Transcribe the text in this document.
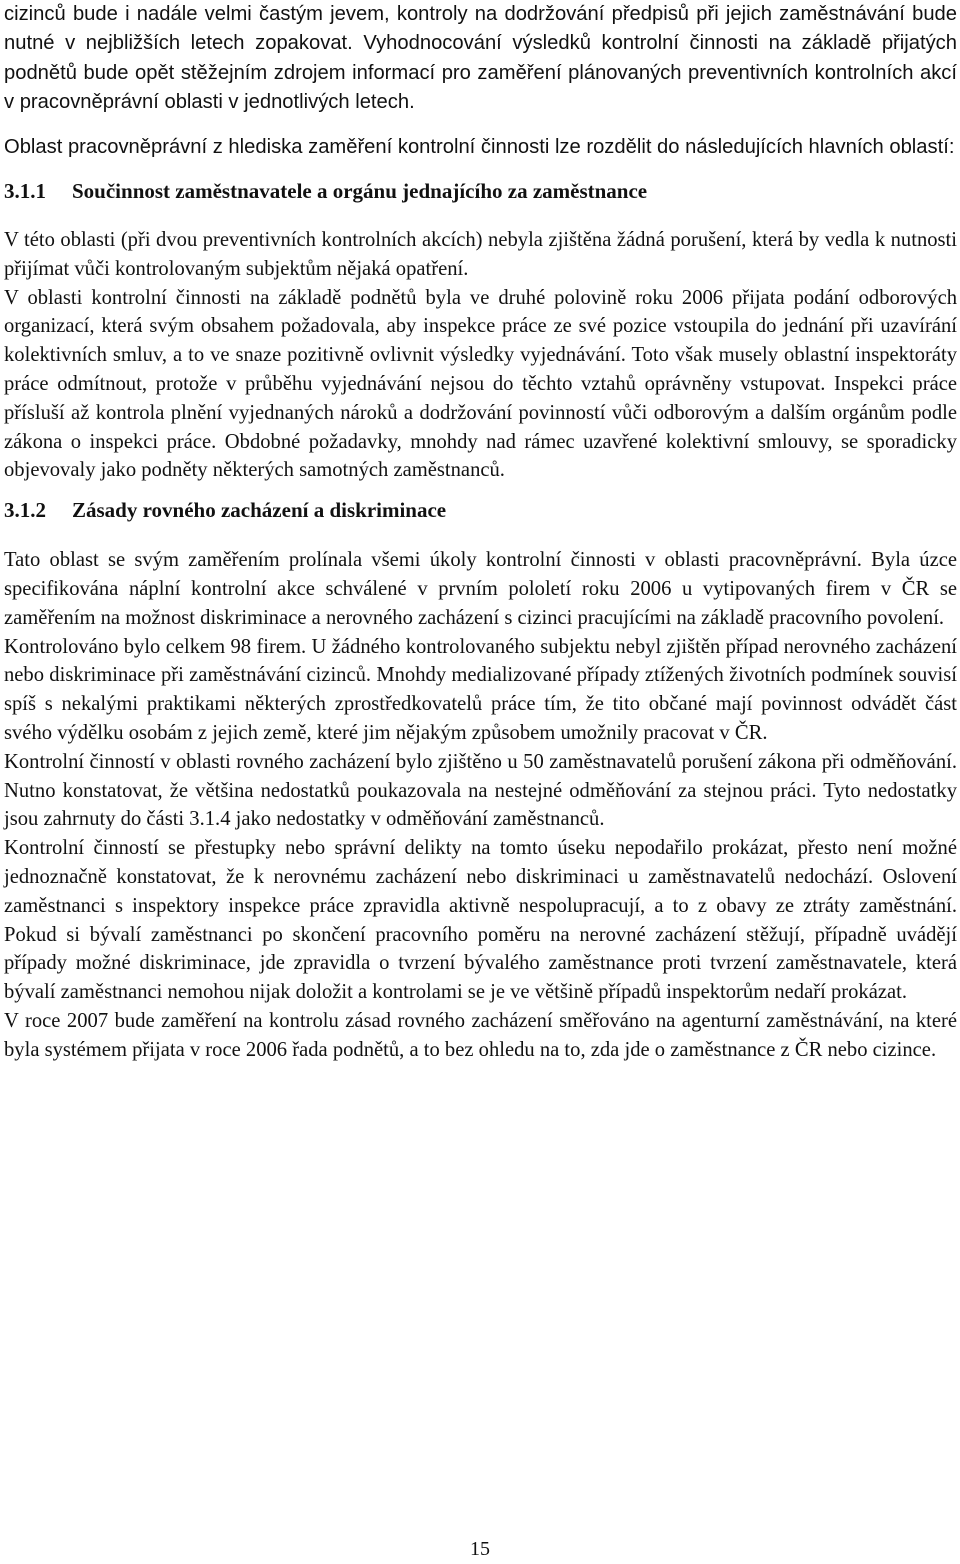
cizinců bude i nadále velmi častým jevem, kontroly na dodržování předpisů při jejich zaměstnávání bude nutné v nejbližších letech zopakovat. Vyhodnocování výsledků kontrolní činnosti na základě přijatých podnětů bude opět stěžejním zdrojem informací pro zaměření plánovaných preventivních kontrolních akcí v pracovněprávní oblasti v jednotlivých letech.

Oblast pracovněprávní z hlediska zaměření kontrolní činnosti lze rozdělit do následujících hlavních oblastí:

3.1.1 Součinnost zaměstnavatele a orgánu jednajícího za zaměstnance

V této oblasti (při dvou preventivních kontrolních akcích) nebyla zjištěna žádná porušení, která by vedla k nutnosti přijímat vůči kontrolovaným subjektům nějaká opatření.

V oblasti kontrolní činnosti na základě podnětů byla ve druhé polovině roku 2006 přijata podání odborových organizací, která svým obsahem požadovala, aby inspekce práce ze své pozice vstoupila do jednání při uzavírání kolektivních smluv, a to ve snaze pozitivně ovlivnit výsledky vyjednávání. Toto však musely oblastní inspektoráty práce odmítnout, protože v průběhu vyjednávání nejsou do těchto vztahů oprávněny vstupovat. Inspekci práce přísluší až kontrola plnění vyjednaných nároků a dodržování povinností vůči odborovým a dalším orgánům podle zákona o inspekci práce. Obdobné požadavky, mnohdy nad rámec uzavřené kolektivní smlouvy, se sporadicky objevovaly jako podněty některých samotných zaměstnanců.

3.1.2 Zásady rovného zacházení a diskriminace

Tato oblast se svým zaměřením prolínala všemi úkoly kontrolní činnosti v oblasti pracovněprávní. Byla úzce specifikována náplní kontrolní akce schválené v prvním pololetí roku 2006 u vytipovaných firem v ČR se zaměřením na možnost diskriminace a nerovného zacházení s cizinci pracujícími na základě pracovního povolení.

Kontrolováno bylo celkem 98 firem. U žádného kontrolovaného subjektu nebyl zjištěn případ nerovného zacházení nebo diskriminace při zaměstnávání cizinců. Mnohdy medializované případy ztížených životních podmínek souvisí spíš s nekalými praktikami některých zprostředkovatelů práce tím, že tito občané mají povinnost odvádět část svého výdělku osobám z jejich země, které jim nějakým způsobem umožnily pracovat v ČR.

Kontrolní činností v oblasti rovného zacházení bylo zjištěno u 50 zaměstnavatelů porušení zákona při odměňování. Nutno konstatovat, že většina nedostatků poukazovala na nestejné odměňování za stejnou práci. Tyto nedostatky jsou zahrnuty do části 3.1.4 jako nedostatky v odměňování zaměstnanců.

Kontrolní činností se přestupky nebo správní delikty na tomto úseku nepodařilo prokázat, přesto není možné jednoznačně konstatovat, že k nerovnému zacházení nebo diskriminaci u zaměstnavatelů nedochází. Oslovení zaměstnanci s inspektory inspekce práce zpravidla aktivně nespolupracují, a to z obavy ze ztráty zaměstnání. Pokud si bývalí zaměstnanci po skončení pracovního poměru na nerovné zacházení stěžují, případně uvádějí případy možné diskriminace, jde zpravidla o tvrzení bývalého zaměstnance proti tvrzení zaměstnavatele, která bývalí zaměstnanci nemohou nijak doložit a kontrolami se je ve většině případů inspektorům nedaří prokázat.

V roce 2007 bude zaměření na kontrolu zásad rovného zacházení směřováno na agenturní zaměstnávání, na které byla systémem přijata v roce 2006 řada podnětů, a to bez ohledu na to, zda jde o zaměstnance z ČR nebo cizince.

15
